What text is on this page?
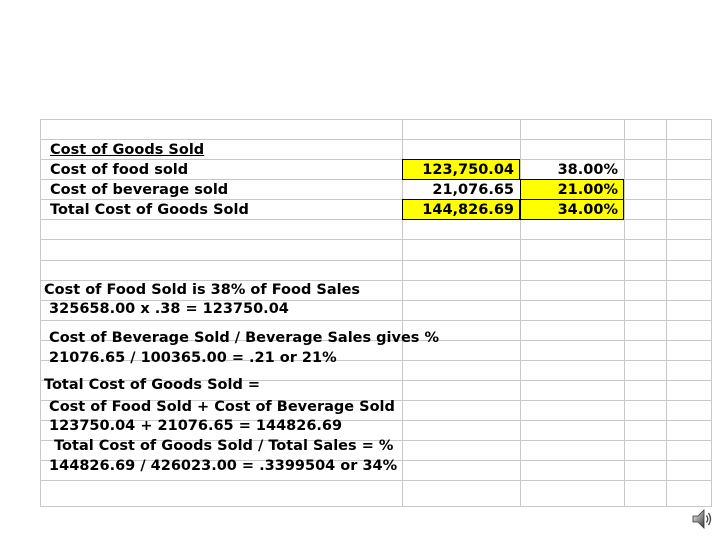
Cost of Goods Sold
Cost of food sold	123,750.04	38.00%
Cost of beverage sold	21,076.65	21.00%
Total Cost of Goods Sold	144,826.69	34.00%
Cost of Food Sold is 38% of Food Sales
325658.00 x .38 = 123750.04
Cost of Beverage Sold / Beverage Sales gives %
21076.65 / 100365.00 = .21 or 21%
Total Cost of Goods Sold =
Cost of Food Sold + Cost of Beverage Sold
123750.04 + 21076.65 = 144826.69
Total Cost of Goods Sold / Total Sales = %
144826.69 / 426023.00 = .3399504 or 34%
